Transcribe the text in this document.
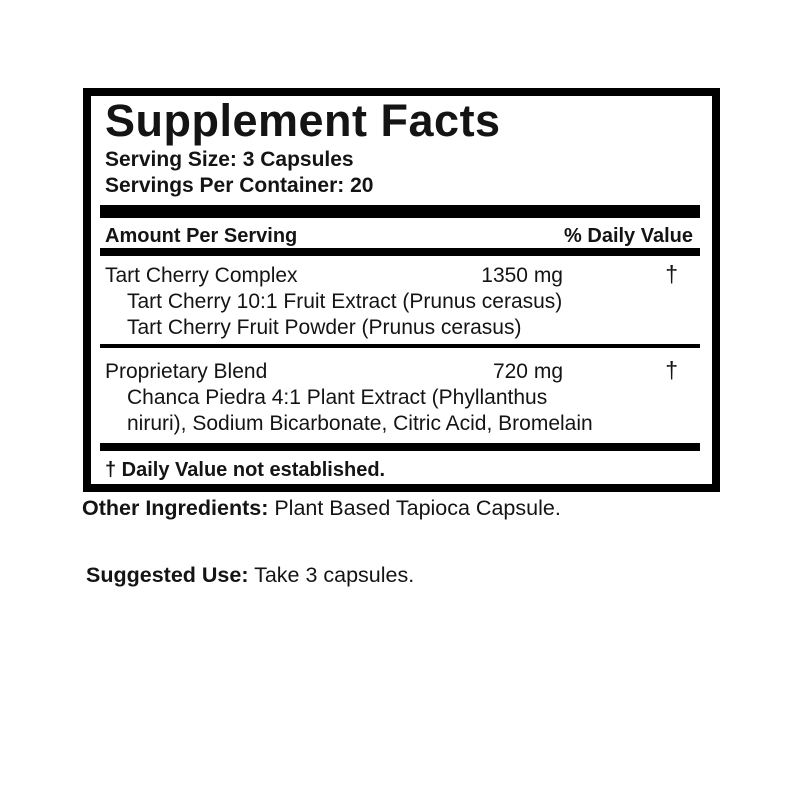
Supplement Facts
Serving Size: 3 Capsules
Servings Per Container: 20
Amount Per Serving	% Daily Value
Tart Cherry Complex	1350 mg	†
Tart Cherry 10:1 Fruit Extract (Prunus cerasus)
Tart Cherry Fruit Powder (Prunus cerasus)
Proprietary Blend	720 mg	†
Chanca Piedra 4:1 Plant Extract (Phyllanthus
niruri), Sodium Bicarbonate, Citric Acid, Bromelain
† Daily Value not established.

Other Ingredients: Plant Based Tapioca Capsule.

Suggested Use: Take 3 capsules.
